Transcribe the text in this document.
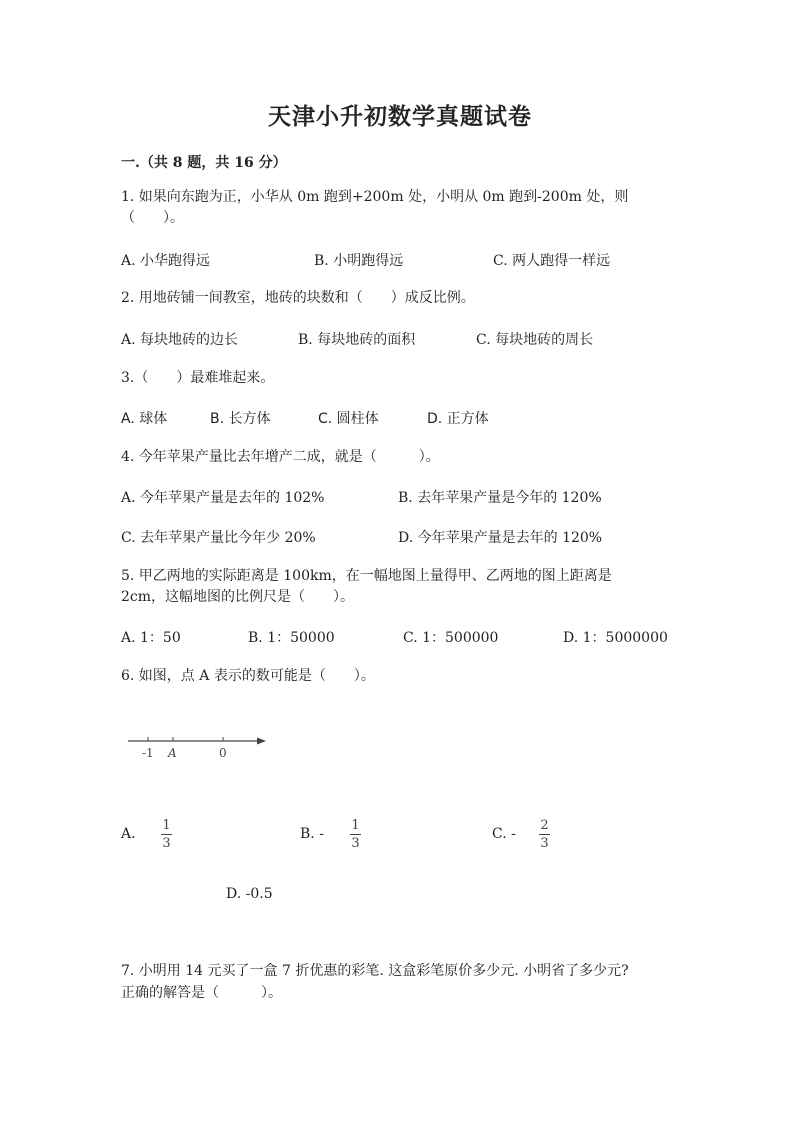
天津小升初数学真题试卷
一.（共 8 题，共 16 分）
1. 如果向东跑为正，小华从 0m 跑到+200m 处，小明从 0m 跑到-200m 处，则
（　　）。
A. 小华跑得远	B. 小明跑得远	C. 两人跑得一样远
2. 用地砖铺一间教室，地砖的块数和（　　）成反比例。
A. 每块地砖的边长	B. 每块地砖的面积	C. 每块地砖的周长
3.（　　）最难堆起来。
A. 球体	B. 长方体	C. 圆柱体	D. 正方体
4. 今年苹果产量比去年增产二成，就是（　　　）。
A. 今年苹果产量是去年的 102%	B. 去年苹果产量是今年的 120%
C. 去年苹果产量比今年少 20%	D. 今年苹果产量是去年的 120%
5. 甲乙两地的实际距离是 100km，在一幅地图上量得甲、乙两地的图上距离是
2cm，这幅地图的比例尺是（　　）。
A. 1：50	B. 1：50000	C. 1：500000	D. 1：5000000
6. 如图，点 A 表示的数可能是（　　）。
-1 A	0
A.
1
3
B. -
1
3
C. -
2
3
D. -0.5
7. 小明用 14 元买了一盒 7 折优惠的彩笔. 这盒彩笔原价多少元. 小明省了多少元?
正确的解答是（　　　）。
